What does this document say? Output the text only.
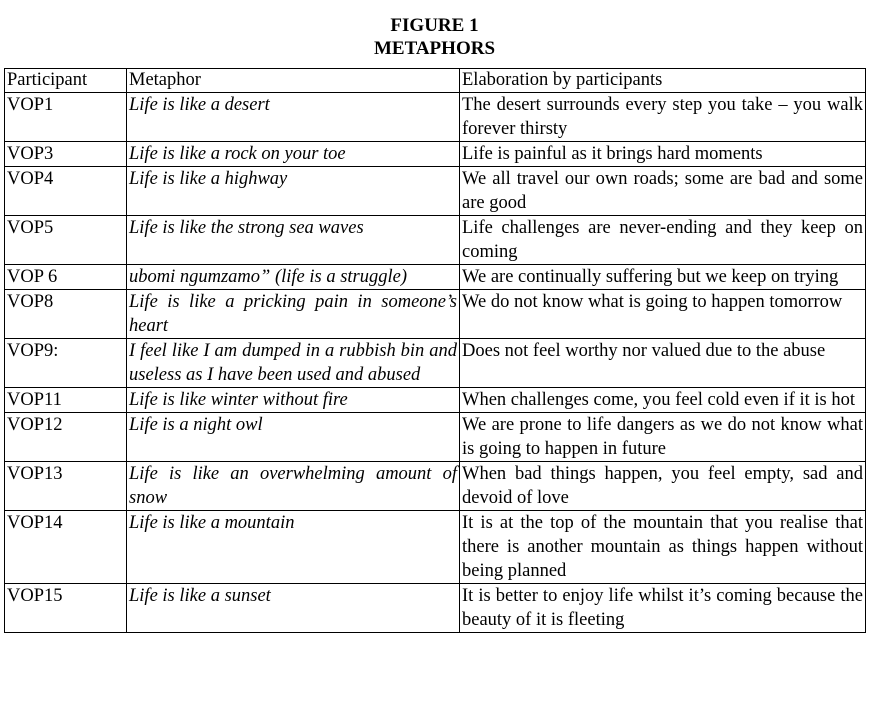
FIGURE 1
METAPHORS
Participant	Metaphor	Elaboration by participants
VOP1	Life is like a desert	The desert surrounds every step you take – you walk forever thirsty
VOP3	Life is like a rock on your toe	Life is painful as it brings hard moments
VOP4	Life is like a highway	We all travel our own roads; some are bad and some are good
VOP5	Life is like the strong sea waves	Life challenges are never-ending and they keep on coming
VOP 6	ubomi ngumzamo” (life is a struggle)	We are continually suffering but we keep on trying
VOP8	Life is like a pricking pain in someone’s heart	We do not know what is going to happen tomorrow
VOP9:	I feel like I am dumped in a rubbish bin and useless as I have been used and abused	Does not feel worthy nor valued due to the abuse
VOP11	Life is like winter without fire	When challenges come, you feel cold even if it is hot
VOP12	Life is a night owl	We are prone to life dangers as we do not know what is going to happen in future
VOP13	Life is like an overwhelming amount of snow	When bad things happen, you feel empty, sad and devoid of love
VOP14	Life is like a mountain	It is at the top of the mountain that you realise that there is another mountain as things happen without being planned
VOP15	Life is like a sunset	It is better to enjoy life whilst it’s coming because the beauty of it is fleeting
